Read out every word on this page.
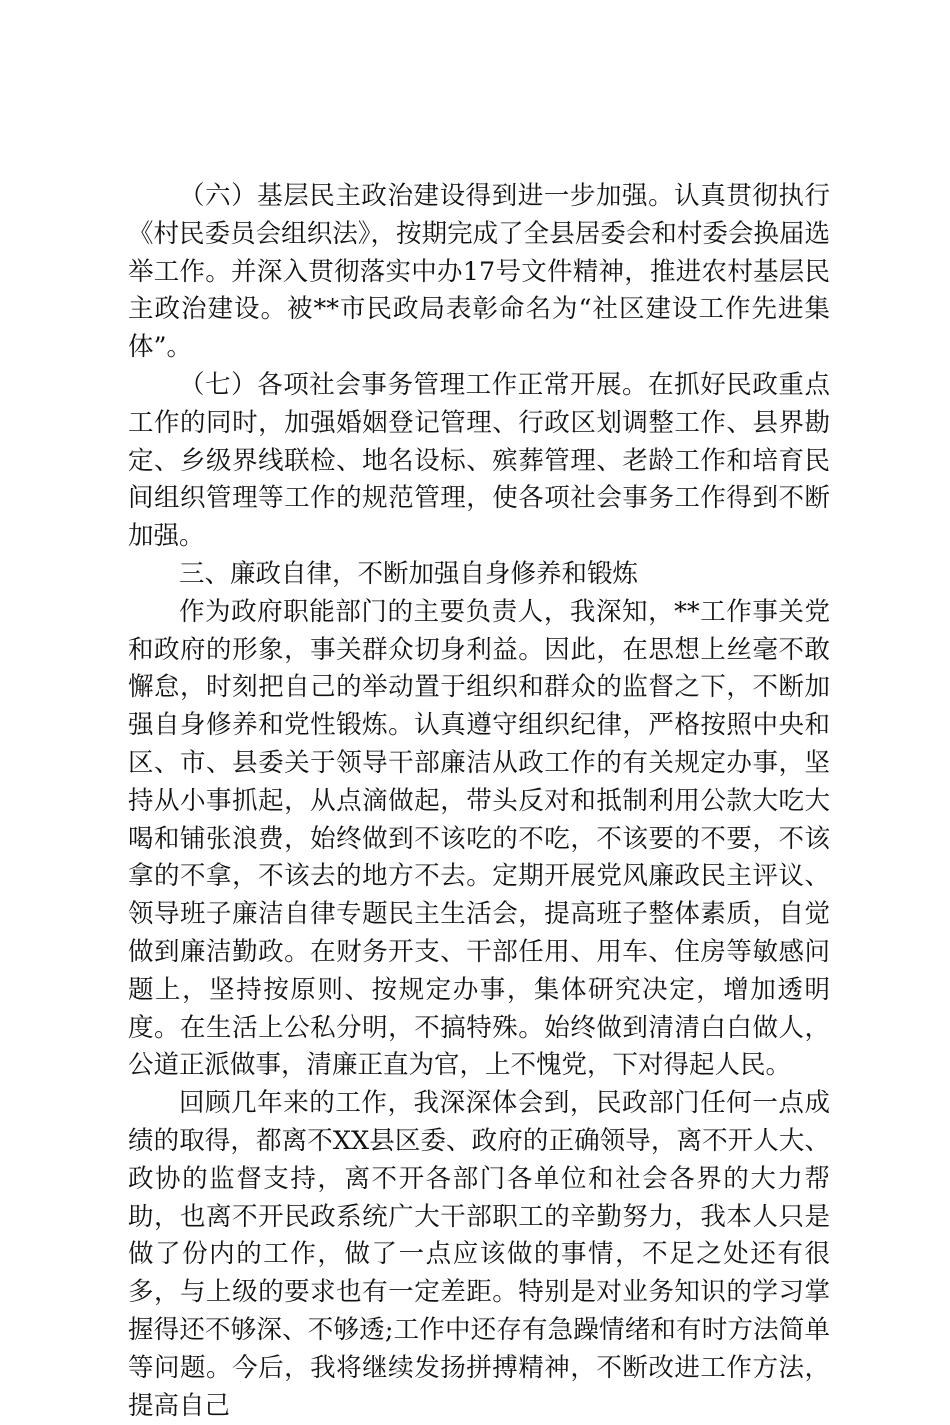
（六）基层民主政治建设得到进一步加强。认真贯彻执行《村民委员会组织法》，按期完成了全县居委会和村委会换届选举工作。并深入贯彻落实中办17号文件精神，推进农村基层民主政治建设。被**市民政局表彰命名为“社区建设工作先进集体”。

（七）各项社会事务管理工作正常开展。在抓好民政重点工作的同时，加强婚姻登记管理、行政区划调整工作、县界勘定、乡级界线联检、地名设标、殡葬管理、老龄工作和培育民间组织管理等工作的规范管理，使各项社会事务工作得到不断加强。

三、廉政自律，不断加强自身修养和锻炼

作为政府职能部门的主要负责人，我深知，**工作事关党和政府的形象，事关群众切身利益。因此，在思想上丝毫不敢懈怠，时刻把自己的举动置于组织和群众的监督之下，不断加强自身修养和党性锻炼。认真遵守组织纪律，严格按照中央和区、市、县委关于领导干部廉洁从政工作的有关规定办事，坚持从小事抓起，从点滴做起，带头反对和抵制利用公款大吃大喝和铺张浪费，始终做到不该吃的不吃，不该要的不要，不该拿的不拿，不该去的地方不去。定期开展党风廉政民主评议、领导班子廉洁自律专题民主生活会，提高班子整体素质，自觉做到廉洁勤政。在财务开支、干部任用、用车、住房等敏感问题上，坚持按原则、按规定办事，集体研究决定，增加透明度。在生活上公私分明，不搞特殊。始终做到清清白白做人，公道正派做事，清廉正直为官，上不愧党，下对得起人民。

回顾几年来的工作，我深深体会到，民政部门任何一点成绩的取得，都离不XX县区委、政府的正确领导，离不开人大、政协的监督支持，离不开各部门各单位和社会各界的大力帮助，也离不开民政系统广大干部职工的辛勤努力，我本人只是做了份内的工作，做了一点应该做的事情，不足之处还有很多，与上级的要求也有一定差距。特别是对业务知识的学习掌握得还不够深、不够透;工作中还存有急躁情绪和有时方法简单等问题。今后，我将继续发扬拼搏精神，不断改进工作方法，提高自己
